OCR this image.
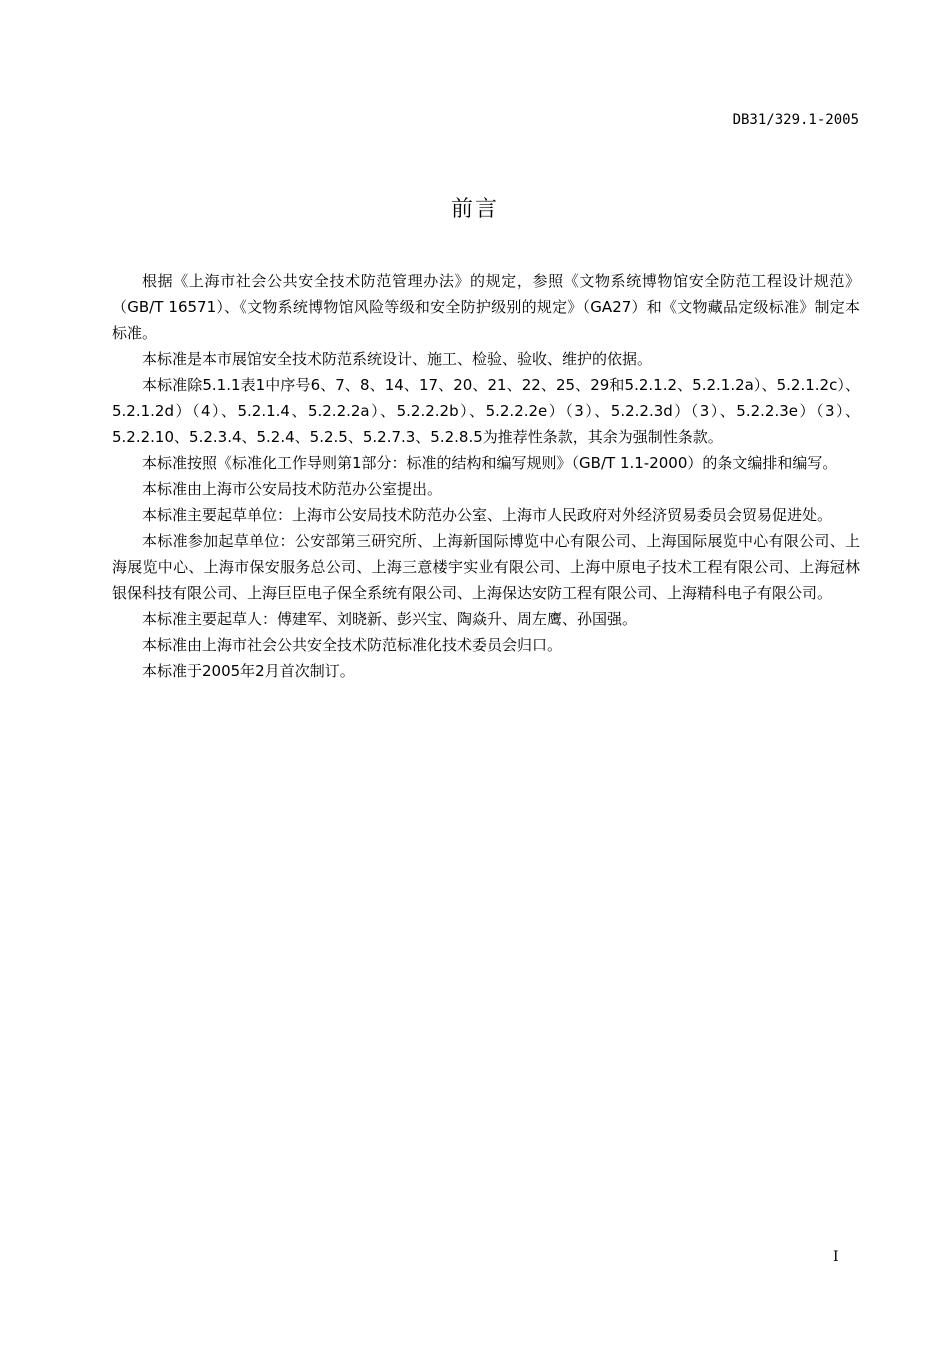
DB31/329.1-2005
前言

根据《上海市社会公共安全技术防范管理办法》的规定，参照《文物系统博物馆安全防范工程设计规范》（GB/T 16571）、《文物系统博物馆风险等级和安全防护级别的规定》（GA27）和《文物藏品定级标准》制定本标准。

本标准是本市展馆安全技术防范系统设计、施工、检验、验收、维护的依据。

本标准除5.1.1表1中序号6、7、8、14、17、20、21、22、25、29和5.2.1.2、5.2.1.2a）、5.2.1.2c）、5.2.1.2d）（4）、5.2.1.4、5.2.2.2a）、5.2.2.2b）、5.2.2.2e）（3）、5.2.2.3d）（3）、5.2.2.3e）（3）、5.2.2.10、5.2.3.4、5.2.4、5.2.5、5.2.7.3、5.2.8.5为推荐性条款，其余为强制性条款。

本标准按照《标准化工作导则第1部分：标准的结构和编写规则》（GB/T 1.1-2000）的条文编排和编写。

本标准由上海市公安局技术防范办公室提出。

本标准主要起草单位：上海市公安局技术防范办公室、上海市人民政府对外经济贸易委员会贸易促进处。

本标准参加起草单位：公安部第三研究所、上海新国际博览中心有限公司、上海国际展览中心有限公司、上海展览中心、上海市保安服务总公司、上海三意楼宇实业有限公司、上海中原电子技术工程有限公司、上海冠林银保科技有限公司、上海巨臣电子保全系统有限公司、上海保达安防工程有限公司、上海精科电子有限公司。

本标准主要起草人：傅建军、刘晓新、彭兴宝、陶焱升、周左鹰、孙国强。

本标准由上海市社会公共安全技术防范标准化技术委员会归口。

本标准于2005年2月首次制订。

I
